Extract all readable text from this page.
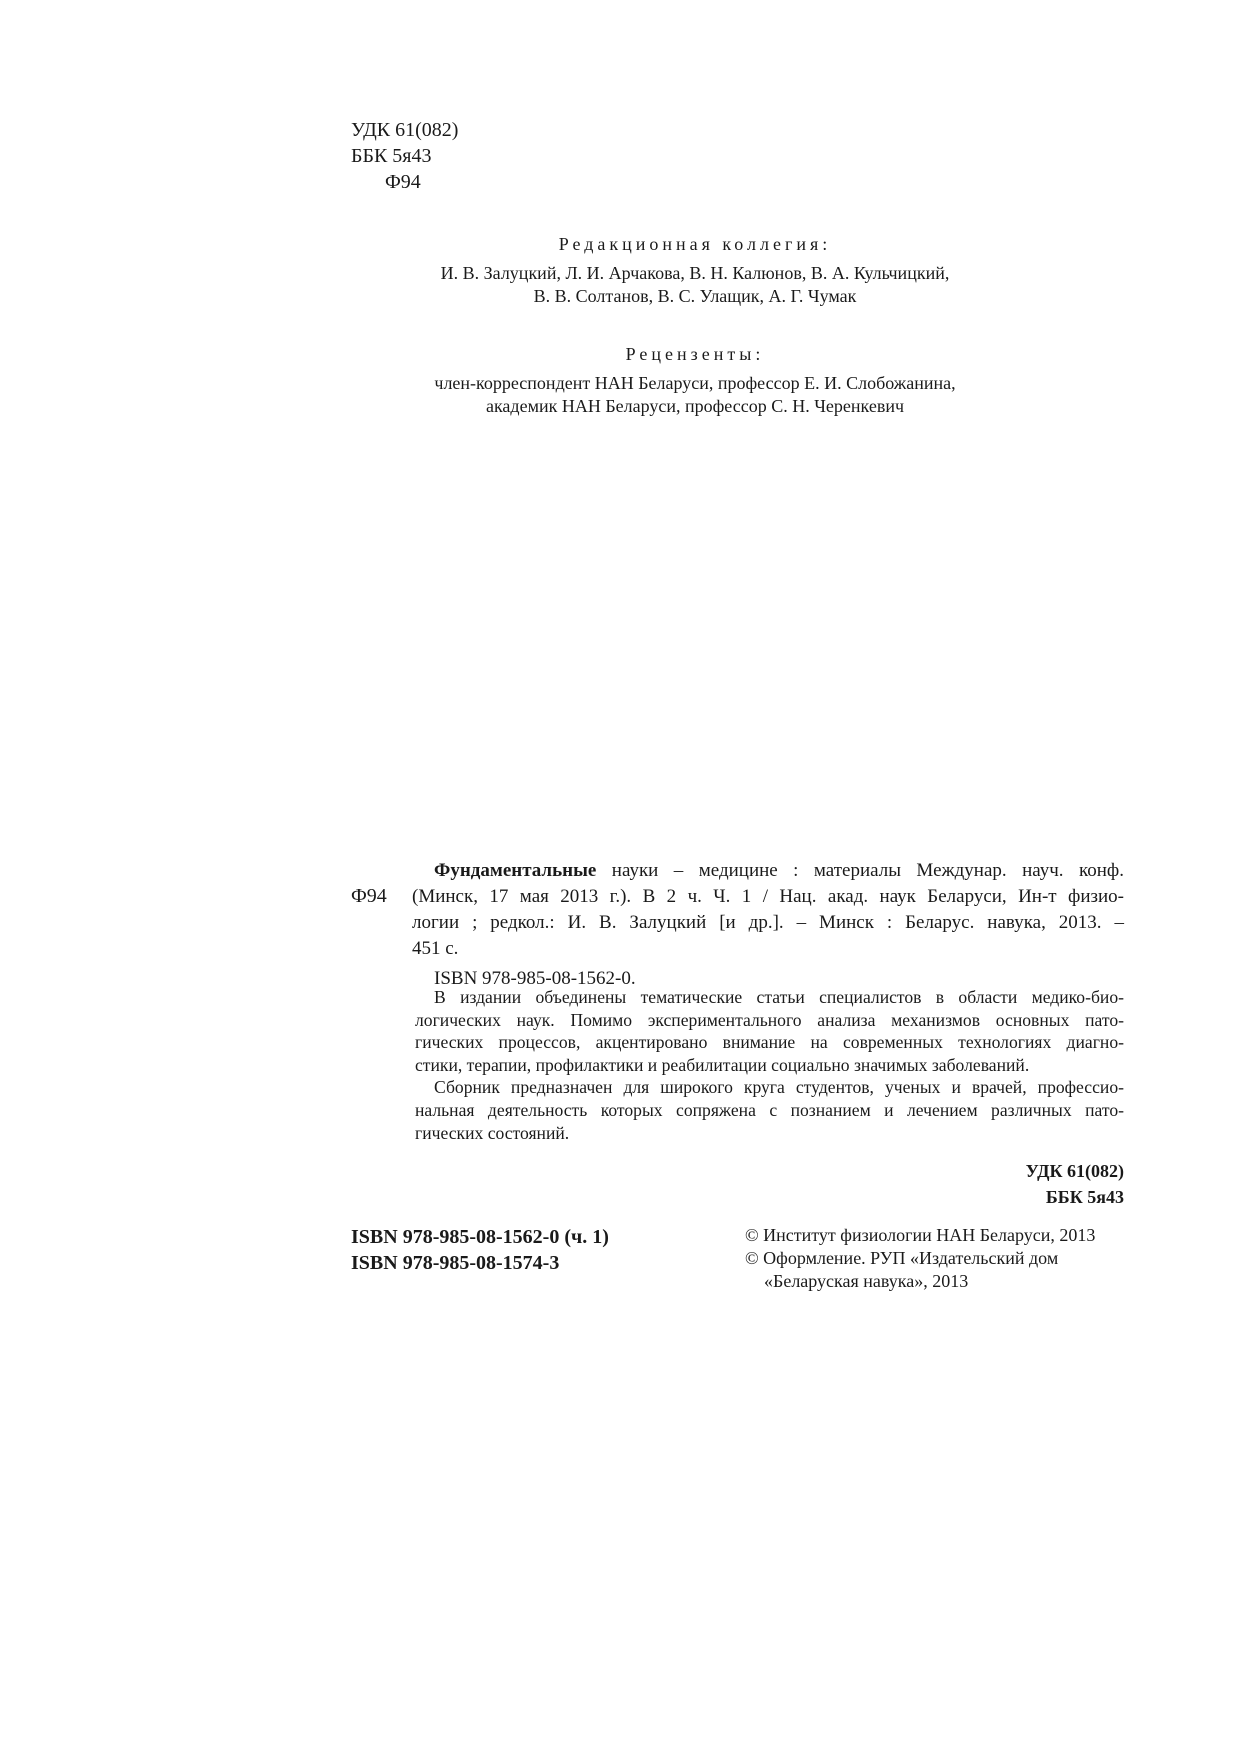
УДК 61(082)
ББК 5я43
Ф94
Редакционная коллегия:
И. В. Залуцкий, Л. И. Арчакова, В. Н. Калюнов, В. А. Кульчицкий,
В. В. Солтанов, В. С. Улащик, А. Г. Чумак
Рецензенты:
член-корреспондент НАН Беларуси, профессор Е. И. Слобожанина,
академик НАН Беларуси, профессор С. Н. Черенкевич
Ф94
Фундаментальные науки – медицине : материалы Междунар. науч. конф.
(Минск, 17 мая 2013 г.). В 2 ч. Ч. 1 / Нац. акад. наук Беларуси, Ин-т физио-
логии ; редкол.: И. В. Залуцкий [и др.]. – Минск : Беларус. навука, 2013. –
451 с.
ISBN 978-985-08-1562-0.
В издании объединены тематические статьи специалистов в области медико-био-
логических наук. Помимо экспериментального анализа механизмов основных пато-
гических процессов, акцентировано внимание на современных технологиях диагно-
стики, терапии, профилактики и реабилитации социально значимых заболеваний.
Сборник предназначен для широкого круга студентов, ученых и врачей, профессио-
нальная деятельность которых сопряжена с познанием и лечением различных пато-
гических состояний.
УДК 61(082)
ББК 5я43
ISBN 978-985-08-1562-0 (ч. 1)
ISBN 978-985-08-1574-3
© Институт физиологии НАН Беларуси, 2013
© Оформление. РУП «Издательский дом
«Беларуская навука», 2013
